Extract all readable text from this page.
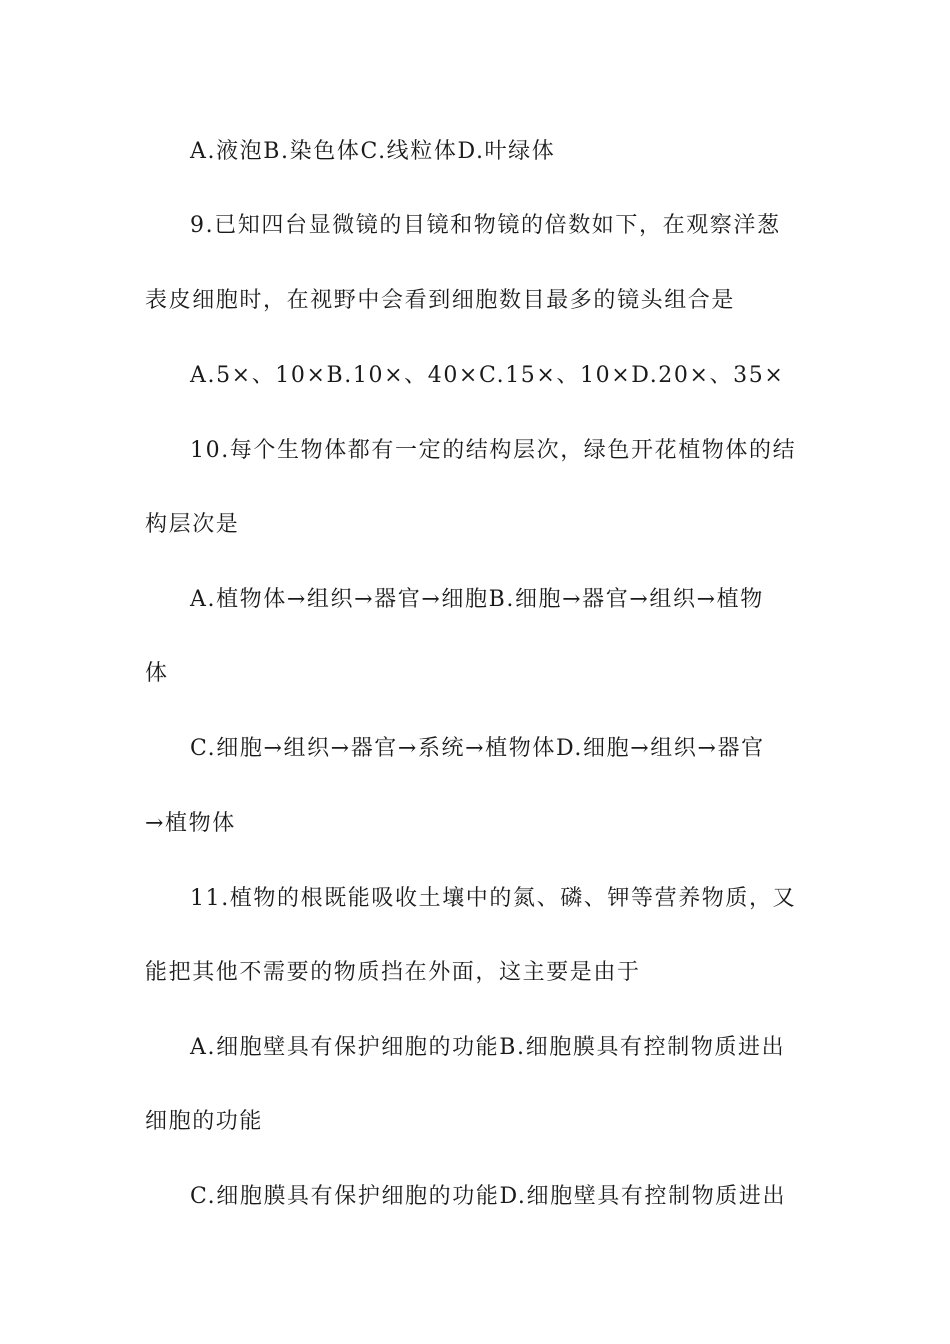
A.液泡B.染色体C.线粒体D.叶绿体
9.已知四台显微镜的目镜和物镜的倍数如下，在观察洋葱
表皮细胞时，在视野中会看到细胞数目最多的镜头组合是
A.5×、10×B.10×、40×C.15×、10×D.20×、35×
10.每个生物体都有一定的结构层次，绿色开花植物体的结
构层次是
A.植物体→组织→器官→细胞B.细胞→器官→组织→植物
体
C.细胞→组织→器官→系统→植物体D.细胞→组织→器官
→植物体
11.植物的根既能吸收土壤中的氮、磷、钾等营养物质，又
能把其他不需要的物质挡在外面，这主要是由于
A.细胞壁具有保护细胞的功能B.细胞膜具有控制物质进出
细胞的功能
C.细胞膜具有保护细胞的功能D.细胞壁具有控制物质进出
